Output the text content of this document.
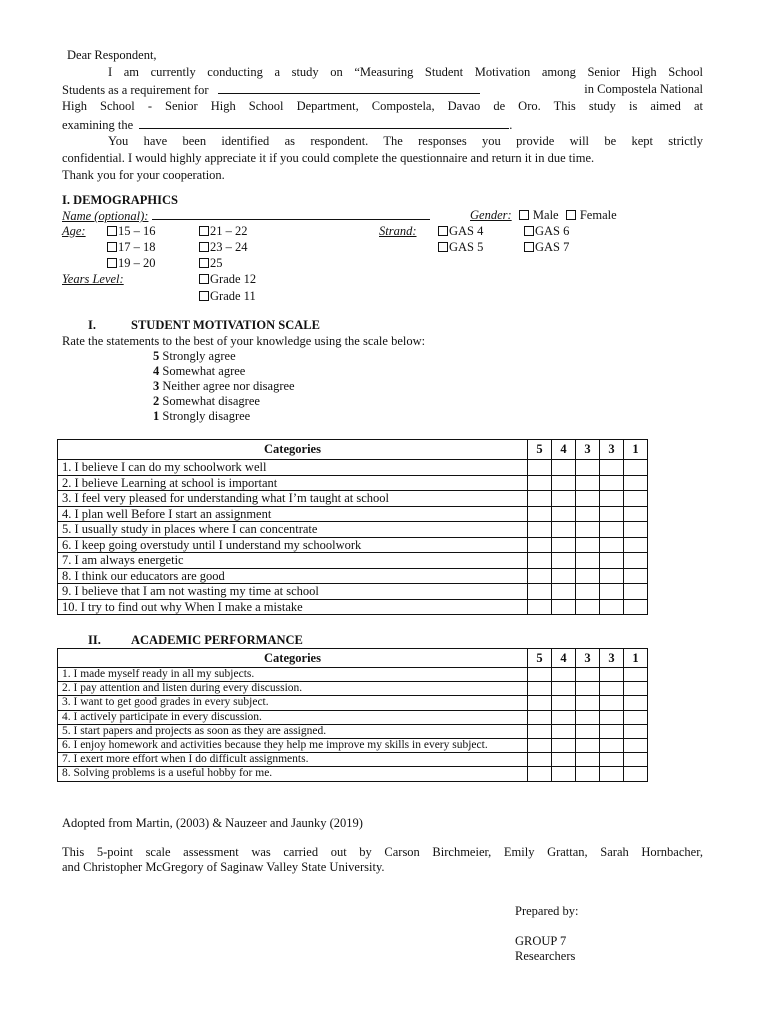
Dear Respondent,
I am currently conducting a study on “Measuring Student Motivation among Senior High School
Students as a requirement for	in Compostela National
High School - Senior High School Department, Compostela, Davao de Oro. This study is aimed at
examining the	.
You have been identified as respondent. The responses you provide will be kept strictly
confidential. I would highly appreciate it if you could complete the questionnaire and return it in due time.
Thank you for your cooperation.
I. DEMOGRAPHICS
Name (optional):	Gender: Male Female
Age:	15 – 16	21 – 22
17 – 18	23 – 24
19 – 20	25
Strand:	GAS 4	GAS 6
GAS 5	GAS 7
Years Level:	Grade 12
Grade 11
I.	STUDENT MOTIVATION SCALE
Rate the statements to the best of your knowledge using the scale below:
5 Strongly agree
4 Somewhat agree
3 Neither agree nor disagree
2 Somewhat disagree
1 Strongly disagree
Categories	5	4	3	3	1
1. I believe I can do my schoolwork well					
2. I believe Learning at school is important					
3. I feel very pleased for understanding what I’m taught at school					
4. I plan well Before I start an assignment					
5. I usually study in places where I can concentrate					
6. I keep going overstudy until I understand my schoolwork					
7. I am always energetic					
8. I think our educators are good					
9. I believe that I am not wasting my time at school					
10. I try to find out why When I make a mistake					
II. ACADEMIC PERFORMANCE
Categories	5	4	3	3	1
1. I made myself ready in all my subjects.					
2. I pay attention and listen during every discussion.					
3. I want to get good grades in every subject.					
4. I actively participate in every discussion.					
5. I start papers and projects as soon as they are assigned.					
6. I enjoy homework and activities because they help me improve my skills in every subject.					
7. I exert more effort when I do difficult assignments.					
8. Solving problems is a useful hobby for me.					
Adopted from Martin, (2003) & Nauzeer and Jaunky (2019)
This 5-point scale assessment was carried out by Carson Birchmeier, Emily Grattan, Sarah Hornbacher,
and Christopher McGregory of Saginaw Valley State University.
Prepared by:
GROUP 7
Researchers
